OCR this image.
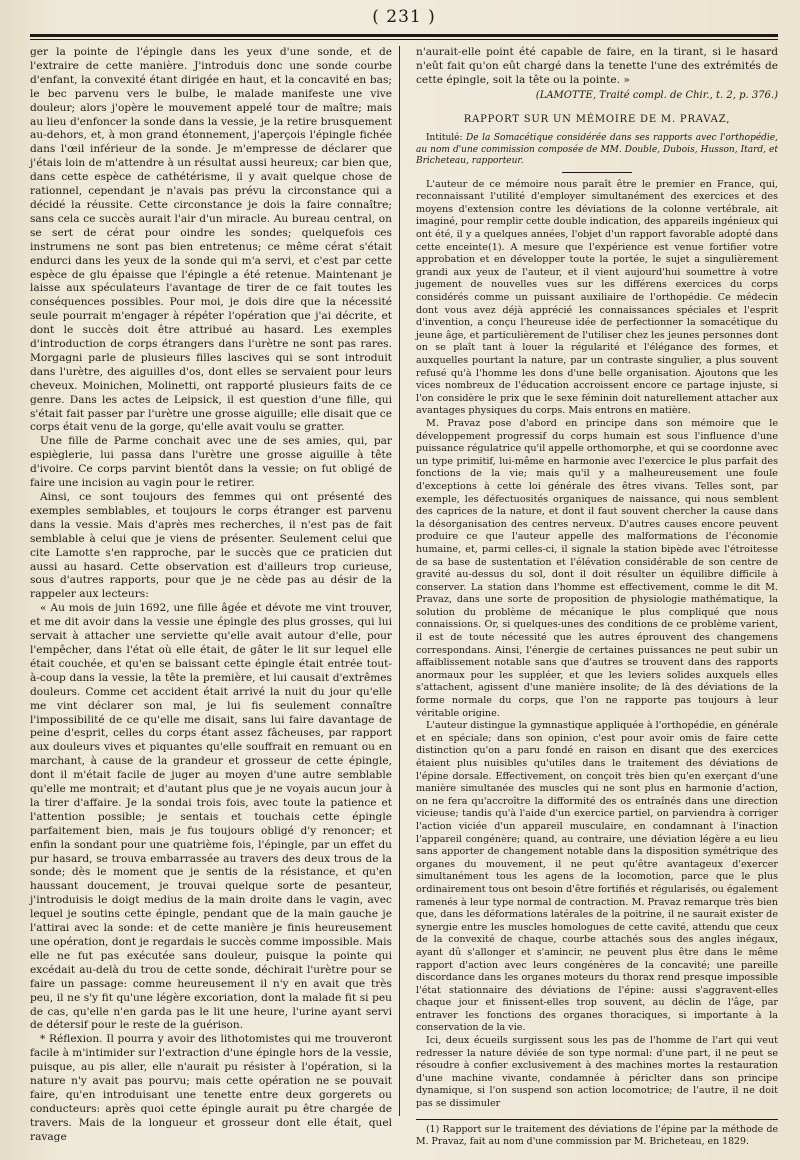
( 231 )

ger la pointe de l'épingle dans les yeux d'une sonde, et de l'extraire de cette manière. J'introduis donc une sonde courbe d'enfant, la convexité étant dirigée en haut, et la concavité en bas; le bec parvenu vers le bulbe, le malade manifeste une vive douleur; alors j'opère le mouvement appelé tour de maître; mais au lieu d'enfoncer la sonde dans la vessie, je la retire brusquement au-dehors, et, à mon grand étonnement, j'aperçois l'épingle fichée dans l'œil inférieur de la sonde. Je m'empresse de déclarer que j'étais loin de m'attendre à un résultat aussi heureux; car bien que, dans cette espèce de cathétérisme, il y avait quelque chose de rationnel, cependant je n'avais pas prévu la circonstance qui a décidé la réussite. Cette circonstance je dois la faire connaître; sans cela ce succès aurait l'air d'un miracle. Au bureau central, on se sert de cérat pour oindre les sondes; quelquefois ces instrumens ne sont pas bien entretenus; ce même cérat s'était endurci dans les yeux de la sonde qui m'a servi, et c'est par cette espèce de glu épaisse que l'épingle a été retenue. Maintenant je laisse aux spéculateurs l'avantage de tirer de ce fait toutes les conséquences possibles. Pour moi, je dois dire que la nécessité seule pourrait m'engager à répéter l'opération que j'ai décrite, et dont le succès doit être attribué au hasard. Les exemples d'introduction de corps étrangers dans l'urètre ne sont pas rares. Morgagni parle de plusieurs filles lascives qui se sont introduit dans l'urètre, des aiguilles d'os, dont elles se servaient pour leurs cheveux. Moinichen, Molinetti, ont rapporté plusieurs faits de ce genre. Dans les actes de Leipsick, il est question d'une fille, qui s'était fait passer par l'urètre une grosse aiguille; elle disait que ce corps était venu de la gorge, qu'elle avait voulu se gratter.

Une fille de Parme conchait avec une de ses amies, qui, par espièglerie, lui passa dans l'urètre une grosse aiguille à tête d'ivoire. Ce corps parvint bientôt dans la vessie; on fut obligé de faire une incision au vagin pour le retirer.

Ainsi, ce sont toujours des femmes qui ont présenté des exemples semblables, et toujours le corps étranger est parvenu dans la vessie. Mais d'après mes recherches, il n'est pas de fait semblable à celui que je viens de présenter. Seulement celui que cite Lamotte s'en rapproche, par le succès que ce praticien dut aussi au hasard. Cette observation est d'ailleurs trop curieuse, sous d'autres rapports, pour que je ne cède pas au désir de la rappeler aux lecteurs:

« Au mois de juin 1692, une fille âgée et dévote me vint trouver, et me dit avoir dans la vessie une épingle des plus grosses, qui lui servait à attacher une serviette qu'elle avait autour d'elle, pour l'empêcher, dans l'état où elle était, de gâter le lit sur lequel elle était couchée, et qu'en se baissant cette épingle était entrée tout-à-coup dans la vessie, la tête la première, et lui causait d'extrêmes douleurs. Comme cet accident était arrivé la nuit du jour qu'elle me vint déclarer son mal, je lui fis seulement connaître l'impossibilité de ce qu'elle me disait, sans lui faire davantage de peine d'esprit, celles du corps étant assez fâcheuses, par rapport aux douleurs vives et piquantes qu'elle souffrait en remuant ou en marchant, à cause de la grandeur et grosseur de cette épingle, dont il m'était facile de juger au moyen d'une autre semblable qu'elle me montrait; et d'autant plus que je ne voyais aucun jour à la tirer d'affaire. Je la sondai trois fois, avec toute la patience et l'attention possible; je sentais et touchais cette épingle parfaitement bien, mais je fus toujours obligé d'y renoncer; et enfin la sondant pour une quatrième fois, l'épingle, par un effet du pur hasard, se trouva embarrassée au travers des deux trous de la sonde; dès le moment que je sentis de la résistance, et qu'en haussant doucement, je trouvai quelque sorte de pesanteur, j'introduisis le doigt medius de la main droite dans le vagin, avec lequel je soutins cette épingle, pendant que de la main gauche je l'attirai avec la sonde: et de cette manière je finis heureusement une opération, dont je regardais le succès comme impossible. Mais elle ne fut pas exécutée sans douleur, puisque la pointe qui excédait au-delà du trou de cette sonde, déchirait l'urètre pour se faire un passage: comme heureusement il n'y en avait que très peu, il ne s'y fit qu'une légère excoriation, dont la malade fit si peu de cas, qu'elle n'en garda pas le lit une heure, l'urine ayant servi de détersif pour le reste de la guérison.

* Réflexion. Il pourra y avoir des lithotomistes qui me trouveront facile à m'intimider sur l'extraction d'une épingle hors de la vessie, puisque, au pis aller, elle n'aurait pu résister à l'opération, si la nature n'y avait pas pourvu; mais cette opération ne se pouvait faire, qu'en introduisant une tenette entre deux gorgerets ou conducteurs: après quoi cette épingle aurait pu être chargée de travers. Mais de la longueur et grosseur dont elle était, quel ravage

n'aurait-elle point été capable de faire, en la tirant, si le hasard n'eût fait qu'on eût chargé dans la tenette l'une des extrémités de cette épingle, soit la tête ou la pointe. »

(LAMOTTE, Traité compl. de Chir., t. 2, p. 376.)
RAPPORT SUR UN MÉMOIRE DE M. PRAVAZ,

Intitulé: De la Somacétique considérée dans ses rapports avec l'orthopédie, au nom d'une commission composée de MM. Double, Dubois, Husson, Itard, et Bricheteau, rapporteur.

L'auteur de ce mémoire nous paraît être le premier en France, qui, reconnaissant l'utilité d'employer simultanément des exercices et des moyens d'extension contre les déviations de la colonne vertébrale, ait imaginé, pour remplir cette double indication, des appareils ingénieux qui ont été, il y a quelques années, l'objet d'un rapport favorable adopté dans cette enceinte(1). A mesure que l'expérience est venue fortifier votre approbation et en développer toute la portée, le sujet a singulièrement grandi aux yeux de l'auteur, et il vient aujourd'hui soumettre à votre jugement de nouvelles vues sur les différens exercices du corps considérés comme un puissant auxiliaire de l'orthopédie. Ce médecin dont vous avez déjà apprécié les connaissances spéciales et l'esprit d'invention, a conçu l'heureuse idée de perfectionner la somacétique du jeune âge, et particulièrement de l'utiliser chez les jeunes personnes dont on se plaît tant à louer la régularité et l'élégance des formes, et auxquelles pourtant la nature, par un contraste singulier, a plus souvent refusé qu'à l'homme les dons d'une belle organisation. Ajoutons que les vices nombreux de l'éducation accroissent encore ce partage injuste, si l'on considère le prix que le sexe féminin doit naturellement attacher aux avantages physiques du corps. Mais entrons en matière.

M. Pravaz pose d'abord en principe dans son mémoire que le développement progressif du corps humain est sous l'influence d'une puissance régulatrice qu'il appelle orthomorphe, et qui se coordonne avec un type primitif, lui-même en harmonie avec l'exercice le plus parfait des fonctions de la vie; mais qu'il y a malheureusement une foule d'exceptions à cette loi générale des êtres vivans. Telles sont, par exemple, les défectuosités organiques de naissance, qui nous semblent des caprices de la nature, et dont il faut souvent chercher la cause dans la désorganisation des centres nerveux. D'autres causes encore peuvent produire ce que l'auteur appelle des malformations de l'économie humaine, et, parmi celles-ci, il signale la station bipède avec l'étroitesse de sa base de sustentation et l'élévation considérable de son centre de gravité au-dessus du sol, dont il doit résulter un équilibre difficile à conserver. La station dans l'homme est effectivement, comme le dit M. Pravaz, dans une sorte de proposition de physiologie mathématique, la solution du problème de mécanique le plus compliqué que nous connaissions. Or, si quelques-unes des conditions de ce problème varient, il est de toute nécessité que les autres éprouvent des changemens correspondans. Ainsi, l'énergie de certaines puissances ne peut subir un affaiblissement notable sans que d'autres se trouvent dans des rapports anormaux pour les suppléer, et que les leviers solides auxquels elles s'attachent, agissent d'une manière insolite; de là des déviations de la forme normale du corps, que l'on ne rapporte pas toujours à leur véritable origine.

L'auteur distingue la gymnastique appliquée à l'orthopédie, en générale et en spéciale; dans son opinion, c'est pour avoir omis de faire cette distinction qu'on a paru fondé en raison en disant que des exercices étaient plus nuisibles qu'utiles dans le traitement des déviations de l'épine dorsale. Effectivement, on conçoit très bien qu'en exerçant d'une manière simultanée des muscles qui ne sont plus en harmonie d'action, on ne fera qu'accroître la difformité des os entraînés dans une direction vicieuse; tandis qu'à l'aide d'un exercice partiel, on parviendra à corriger l'action viciée d'un appareil musculaire, en condamnant à l'inaction l'appareil congénère; quand, au contraire, une déviation légère a eu lieu sans apporter de changement notable dans la disposition symétrique des organes du mouvement, il ne peut qu'être avantageux d'exercer simultanément tous les agens de la locomotion, parce que le plus ordinairement tous ont besoin d'être fortifiés et régularisés, ou également ramenés à leur type normal de contraction. M. Pravaz remarque très bien que, dans les déformations latérales de la poitrine, il ne saurait exister de synergie entre les muscles homologues de cette cavité, attendu que ceux de la convexité de chaque, courbe attachés sous des angles inégaux, ayant dû s'allonger et s'amincir, ne peuvent plus être dans le même rapport d'action avec leurs congénères de la concavité; une pareille discordance dans les organes moteurs du thorax rend presque impossible l'état stationnaire des déviations de l'épine: aussi s'aggravent-elles chaque jour et finissent-elles trop souvent, au déclin de l'âge, par entraver les fonctions des organes thoraciques, si importante à la conservation de la vie.

Ici, deux écueils surgissent sous les pas de l'homme de l'art qui veut redresser la nature déviée de son type normal: d'une part, il ne peut se résoudre à confier exclusivement à des machines mortes la restauration d'une machine vivante, condamnée à périclter dans son principe dynamique, si l'on suspend son action locomotrice; de l'autre, il ne doit pas se dissimuler

(1) Rapport sur le traitement des déviations de l'épine par la méthode de M. Pravaz, fait au nom d'une commission par M. Bricheteau, en 1829.
